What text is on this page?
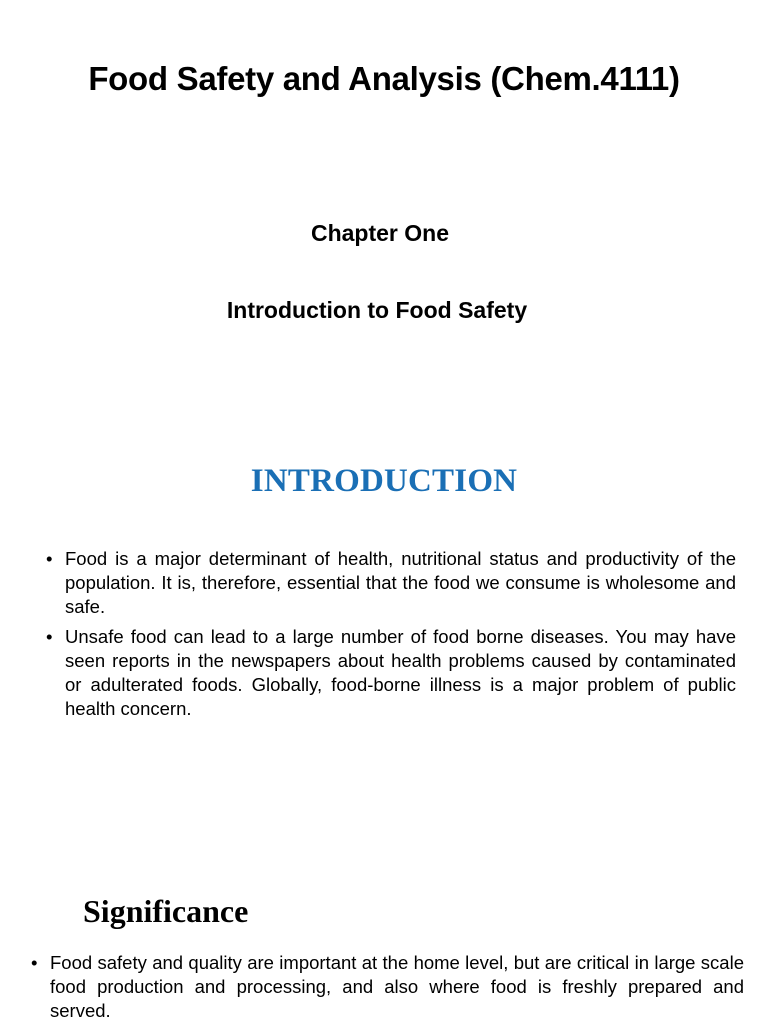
Food Safety and Analysis (Chem.4111)
Chapter One
Introduction to Food Safety
INTRODUCTION
• Food is a major determinant of health, nutritional status and productivity of the population. It is, therefore, essential that the food we consume is wholesome and safe.
• Unsafe food can lead to a large number of food borne diseases. You may have seen reports in the newspapers about health problems caused by contaminated or adulterated foods. Globally, food-borne illness is a major problem of public health concern.
Significance
• Food safety and quality are important at the home level, but are critical in large scale food production and processing, and also where food is freshly prepared and served.
